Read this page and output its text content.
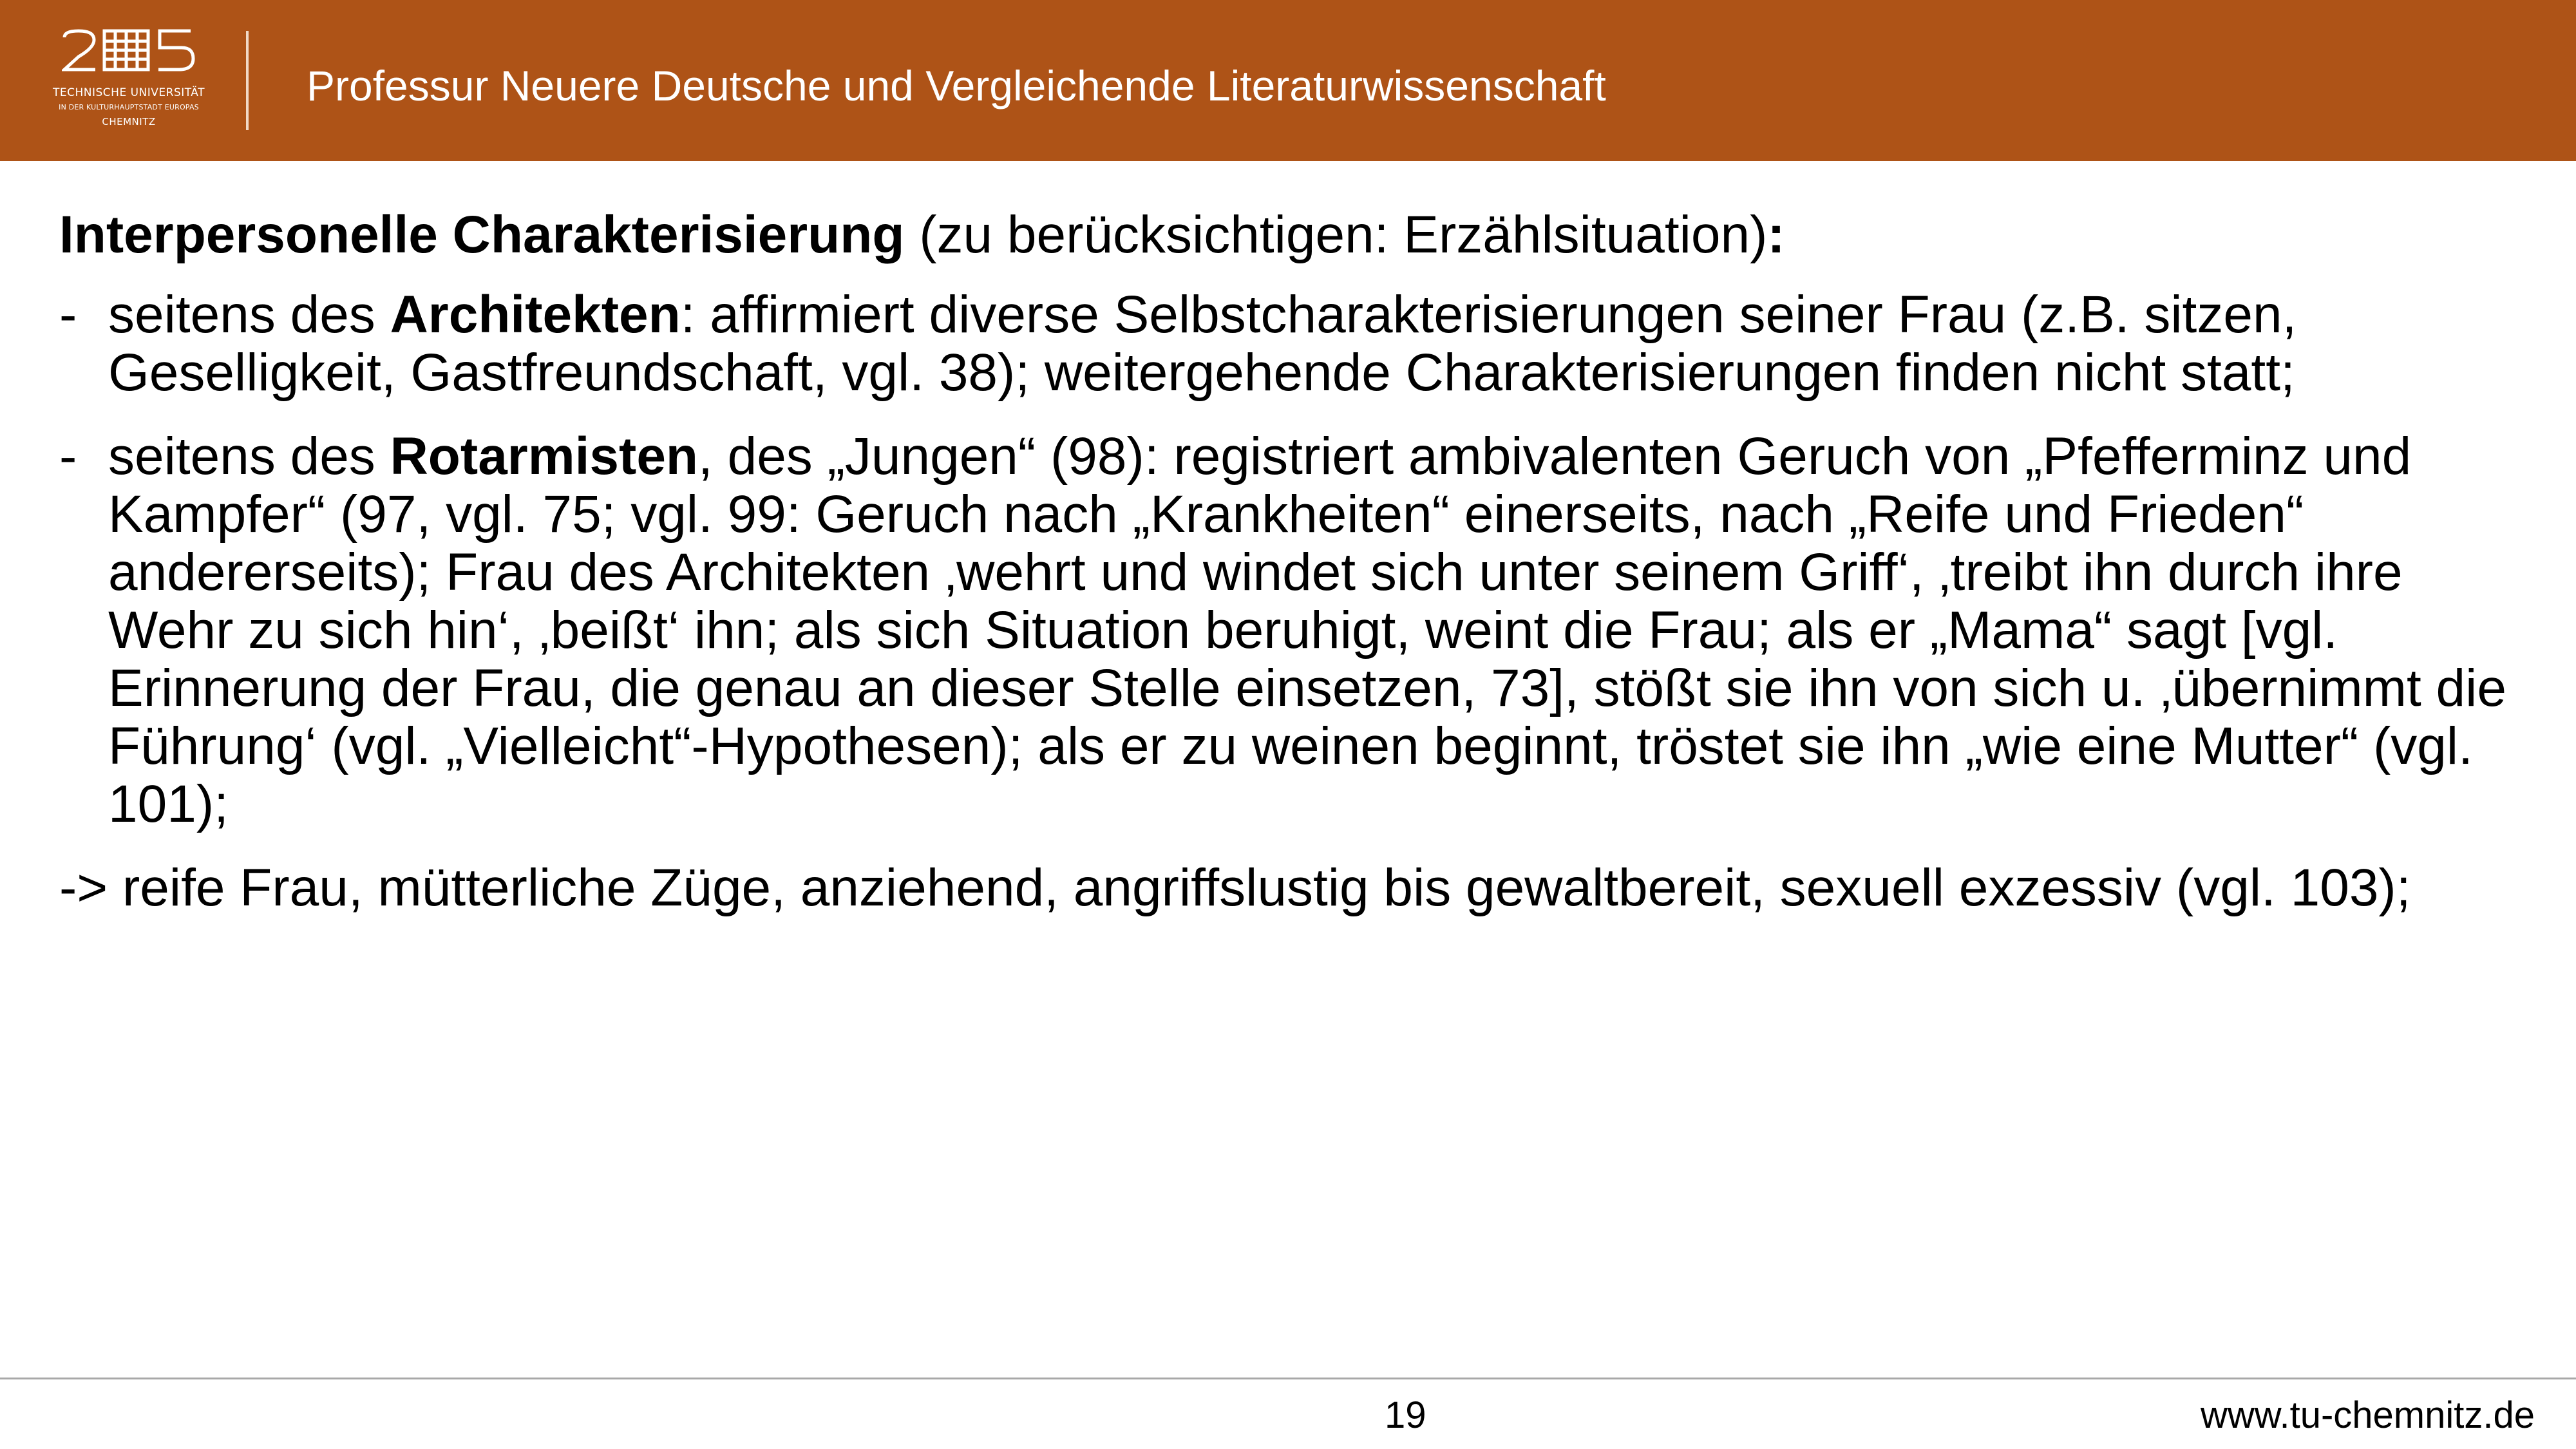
TECHNISCHE UNIVERSITÄT
IN DER KULTURHAUPTSTADT EUROPAS
CHEMNITZ
Professur Neuere Deutsche und Vergleichende Literaturwissenschaft

Interpersonelle Charakterisierung (zu berücksichtigen: Erzählsituation):

- seitens des Architekten: affirmiert diverse Selbstcharakterisierungen seiner Frau (z.B. sitzen, Geselligkeit, Gastfreundschaft, vgl. 38); weitergehende Charakterisierungen finden nicht statt;
- seitens des Rotarmisten, des „Jungen“ (98): registriert ambivalenten Geruch von „Pfefferminz und Kampfer“ (97, vgl. 75; vgl. 99: Geruch nach „Krankheiten“ einerseits, nach „Reife und Frieden“ andererseits); Frau des Architekten ‚wehrt und windet sich unter seinem Griff‘, ‚treibt ihn durch ihre Wehr zu sich hin‘, ‚beißt‘ ihn; als sich Situation beruhigt, weint die Frau; als er „Mama“ sagt [vgl. Erinnerung der Frau, die genau an dieser Stelle einsetzen, 73], stößt sie ihn von sich u. ‚übernimmt die Führung‘ (vgl. „Vielleicht“-Hypothesen); als er zu weinen beginnt, tröstet sie ihn „wie eine Mutter“ (vgl. 101);

-> reife Frau, mütterliche Züge, anziehend, angriffslustig bis gewaltbereit, sexuell exzessiv (vgl. 103);

19	www.tu-chemnitz.de
